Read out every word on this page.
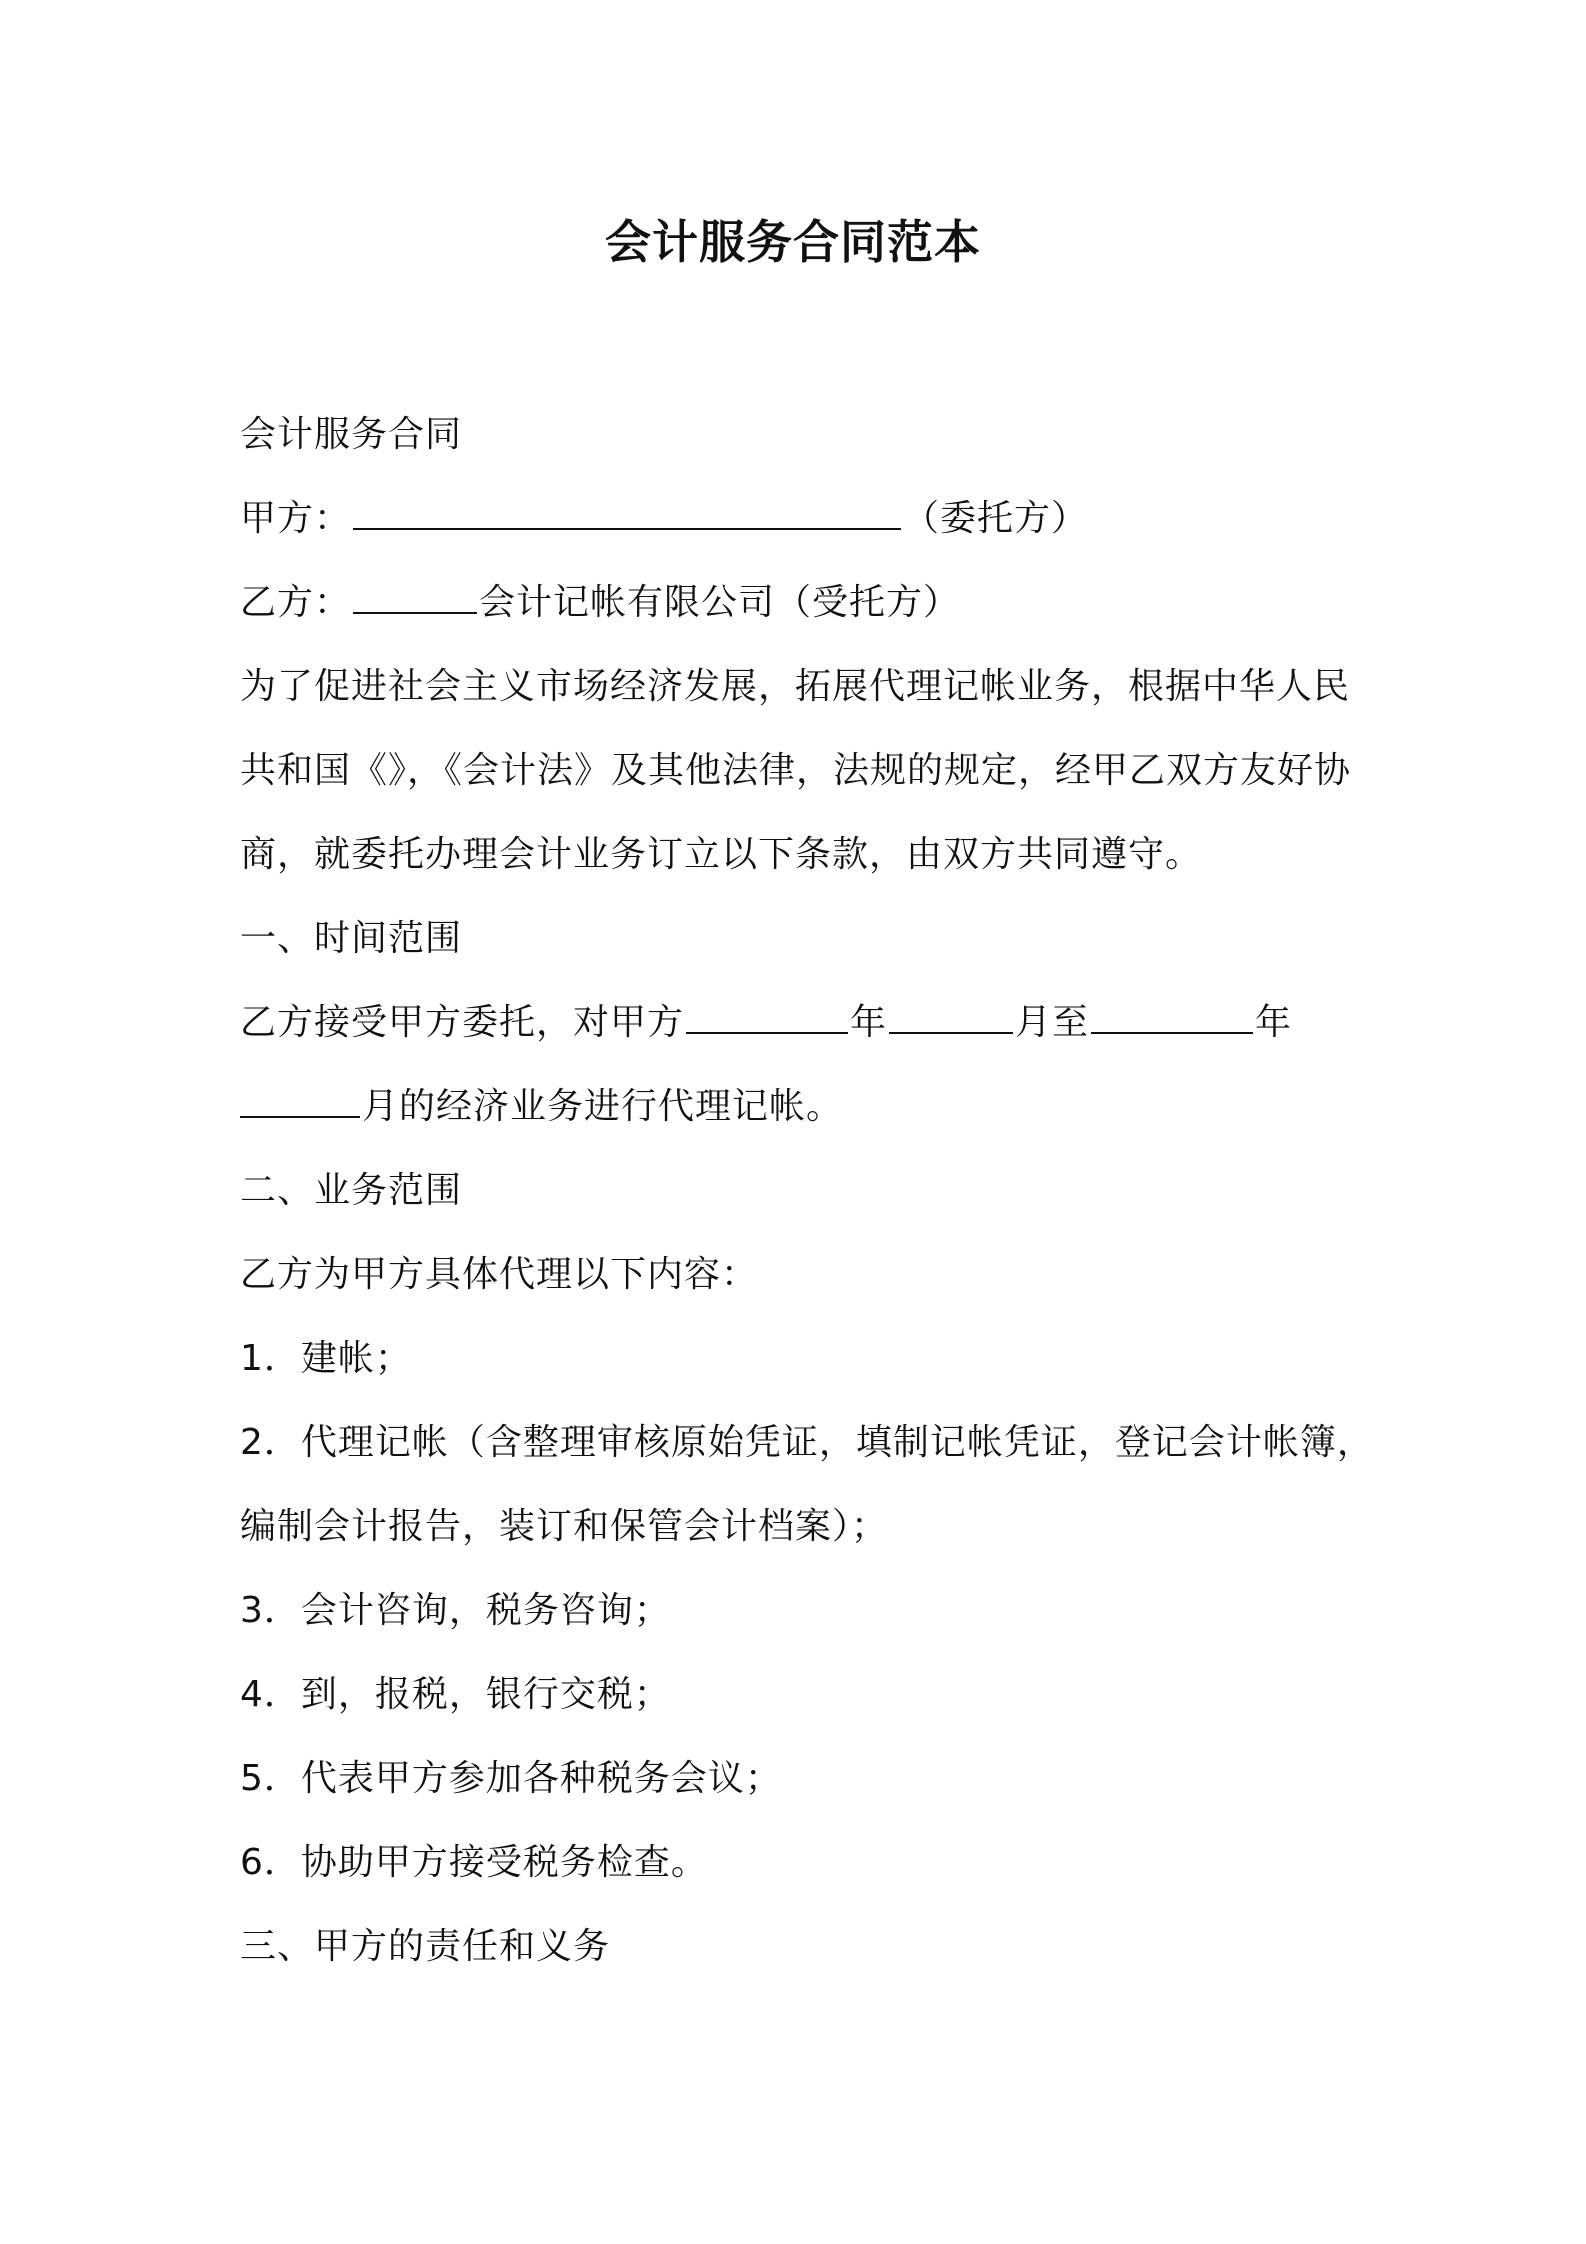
会计服务合同范本
会计服务合同
甲方：	（委托方）
乙方：	会计记帐有限公司（受托方）
为了促进社会主义市场经济发展，拓展代理记帐业务，根据中华人民
共和国《》，《会计法》及其他法律，法规的规定，经甲乙双方友好协
商，就委托办理会计业务订立以下条款，由双方共同遵守。
一、时间范围
乙方接受甲方委托，对甲方	年	月至	年
月的经济业务进行代理记帐。
二、业务范围
乙方为甲方具体代理以下内容：
1．建帐；
2．代理记帐（含整理审核原始凭证，填制记帐凭证，登记会计帐簿，
编制会计报告，装订和保管会计档案）；
3．会计咨询，税务咨询；
4．到，报税，银行交税；
5．代表甲方参加各种税务会议；
6．协助甲方接受税务检查。
三、甲方的责任和义务
